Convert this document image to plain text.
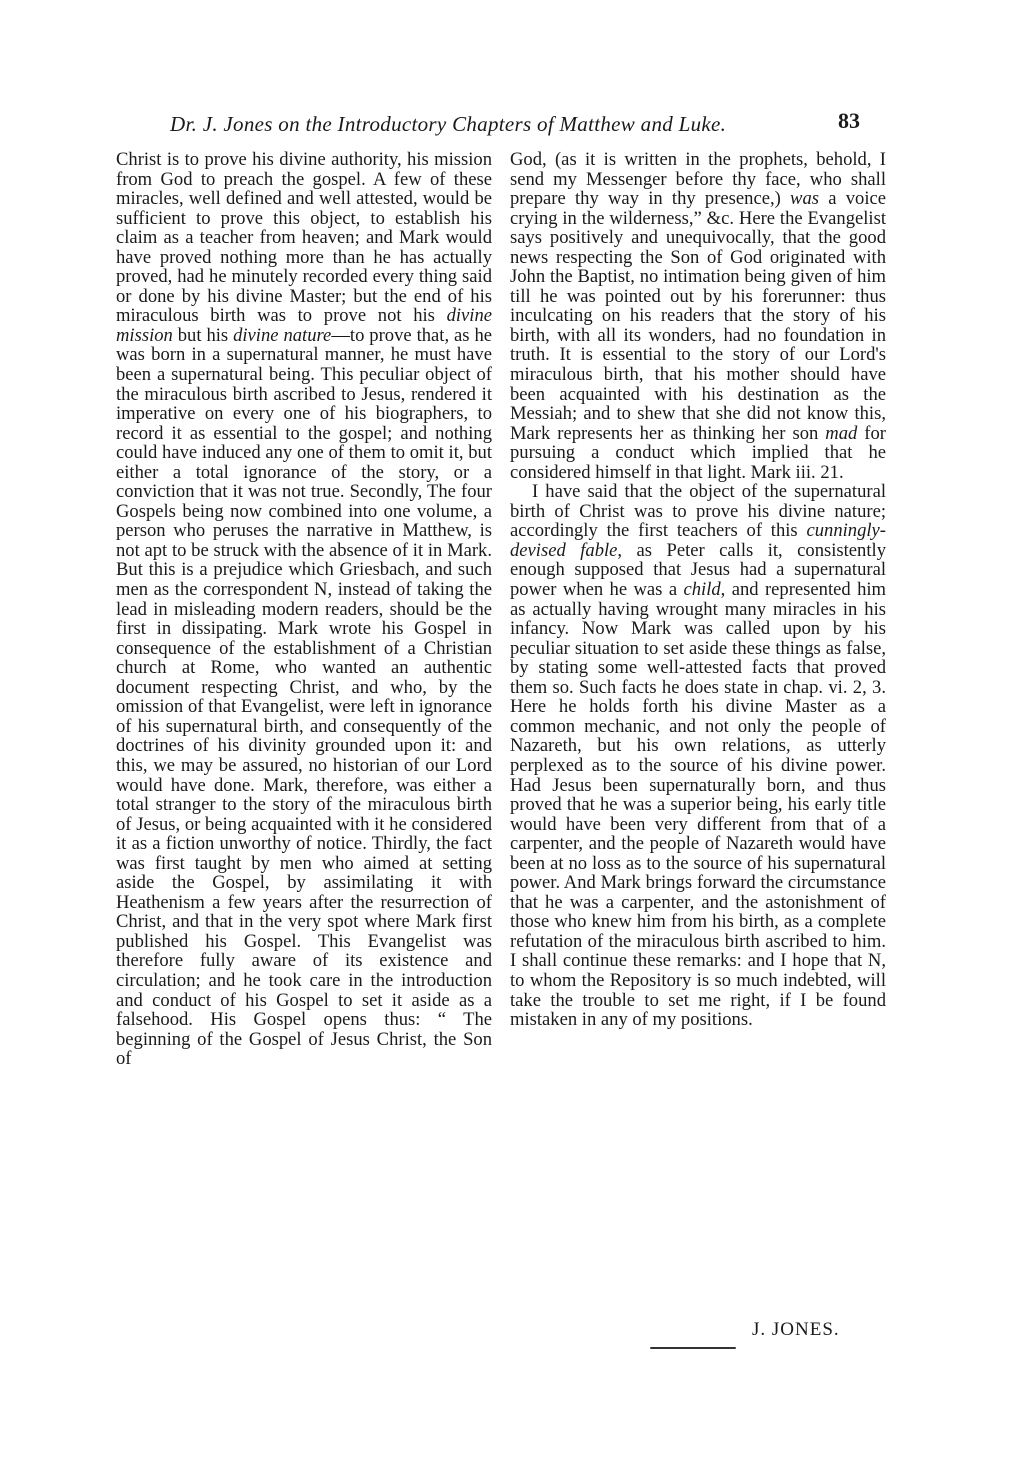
Dr. J. Jones on the Introductory Chapters of Matthew and Luke.	83

Christ is to prove his divine authority, his mission from God to preach the gospel. A few of these miracles, well defined and well attested, would be sufficient to prove this object, to establish his claim as a teacher from heaven; and Mark would have proved nothing more than he has actually proved, had he minutely recorded every thing said or done by his divine Master; but the end of his miraculous birth was to prove not his divine mission but his divine nature—to prove that, as he was born in a supernatural manner, he must have been a supernatural being. This peculiar object of the miraculous birth ascribed to Jesus, rendered it imperative on every one of his biographers, to record it as essential to the gospel; and nothing could have induced any one of them to omit it, but either a total ignorance of the story, or a conviction that it was not true. Secondly, The four Gospels being now combined into one volume, a person who peruses the narrative in Matthew, is not apt to be struck with the absence of it in Mark. But this is a prejudice which Griesbach, and such men as the correspondent N, instead of taking the lead in misleading modern readers, should be the first in dissipating. Mark wrote his Gospel in consequence of the establishment of a Christian church at Rome, who wanted an authentic document respecting Christ, and who, by the omission of that Evangelist, were left in ignorance of his supernatural birth, and consequently of the doctrines of his divinity grounded upon it: and this, we may be assured, no historian of our Lord would have done. Mark, therefore, was either a total stranger to the story of the miraculous birth of Jesus, or being acquainted with it he considered it as a fiction unworthy of notice. Thirdly, the fact was first taught by men who aimed at setting aside the Gospel, by assimilating it with Heathenism a few years after the resurrection of Christ, and that in the very spot where Mark first published his Gospel. This Evangelist was therefore fully aware of its existence and circulation; and he took care in the introduction and conduct of his Gospel to set it aside as a falsehood. His Gospel opens thus: “ The beginning of the Gospel of Jesus Christ, the Son of

God, (as it is written in the prophets, behold, I send my Messenger before thy face, who shall prepare thy way in thy presence,) was a voice crying in the wilderness,” &c. Here the Evangelist says positively and unequivocally, that the good news respecting the Son of God originated with John the Baptist, no intimation being given of him till he was pointed out by his forerunner: thus inculcating on his readers that the story of his birth, with all its wonders, had no foundation in truth. It is essential to the story of our Lord's miraculous birth, that his mother should have been acquainted with his destination as the Messiah; and to shew that she did not know this, Mark represents her as thinking her son mad for pursuing a conduct which implied that he considered himself in that light. Mark iii. 21.

I have said that the object of the supernatural birth of Christ was to prove his divine nature; accordingly the first teachers of this cunningly-devised fable, as Peter calls it, consistently enough supposed that Jesus had a supernatural power when he was a child, and represented him as actually having wrought many miracles in his infancy. Now Mark was called upon by his peculiar situation to set aside these things as false, by stating some well-attested facts that proved them so. Such facts he does state in chap. vi. 2, 3. Here he holds forth his divine Master as a common mechanic, and not only the people of Nazareth, but his own relations, as utterly perplexed as to the source of his divine power. Had Jesus been supernaturally born, and thus proved that he was a superior being, his early title would have been very different from that of a carpenter, and the people of Nazareth would have been at no loss as to the source of his supernatural power. And Mark brings forward the circumstance that he was a carpenter, and the astonishment of those who knew him from his birth, as a complete refutation of the miraculous birth ascribed to him. I shall continue these remarks: and I hope that N, to whom the Repository is so much indebted, will take the trouble to set me right, if I be found mistaken in any of my positions.

J. JONES.
